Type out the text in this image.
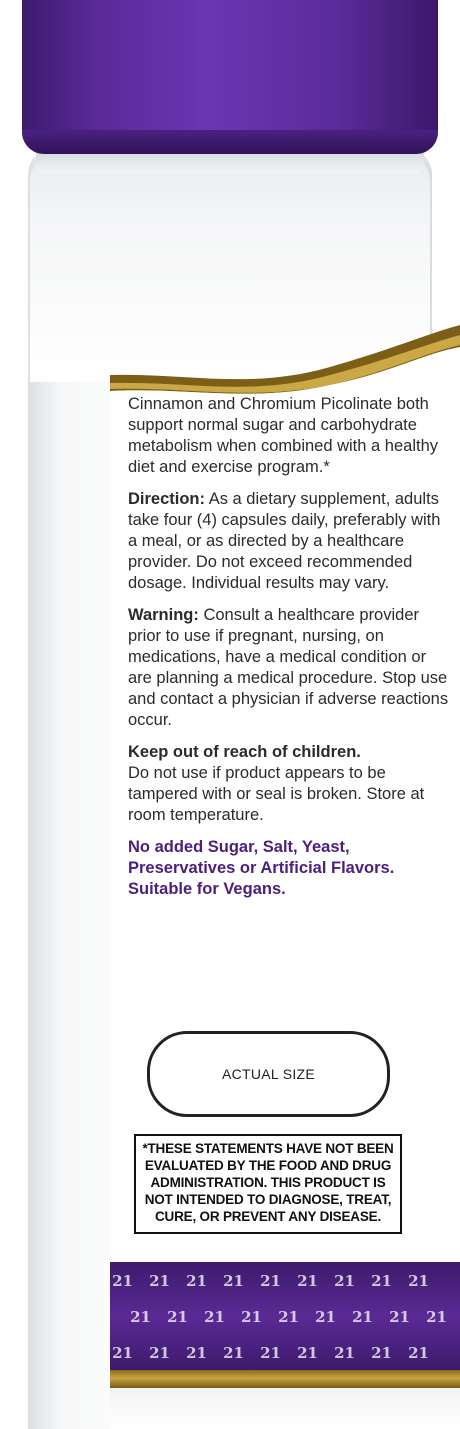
Cinnamon and Chromium Picolinate both support normal sugar and carbohydrate metabolism when combined with a healthy diet and exercise program.*

Direction: As a dietary supplement, adults take four (4) capsules daily, preferably with a meal, or as directed by a healthcare provider. Do not exceed recommended dosage. Individual results may vary.

Warning: Consult a healthcare provider prior to use if pregnant, nursing, on medications, have a medical condition or are planning a medical procedure. Stop use and contact a physician if adverse reactions occur.

Keep out of reach of children.
Do not use if product appears to be tampered with or seal is broken. Store at room temperature.

No added Sugar, Salt, Yeast, Preservatives or Artificial Flavors. Suitable for Vegans.

ACTUAL SIZE
*THESE STATEMENTS HAVE NOT BEEN EVALUATED BY THE FOOD AND DRUG ADMINISTRATION. THIS PRODUCT IS NOT INTENDED TO DIAGNOSE, TREAT, CURE, OR PREVENT ANY DISEASE.
21 21 21 21 21 21 21 21 21
21 21 21 21 21 21 21 21 21
21 21 21 21 21 21 21 21 21
